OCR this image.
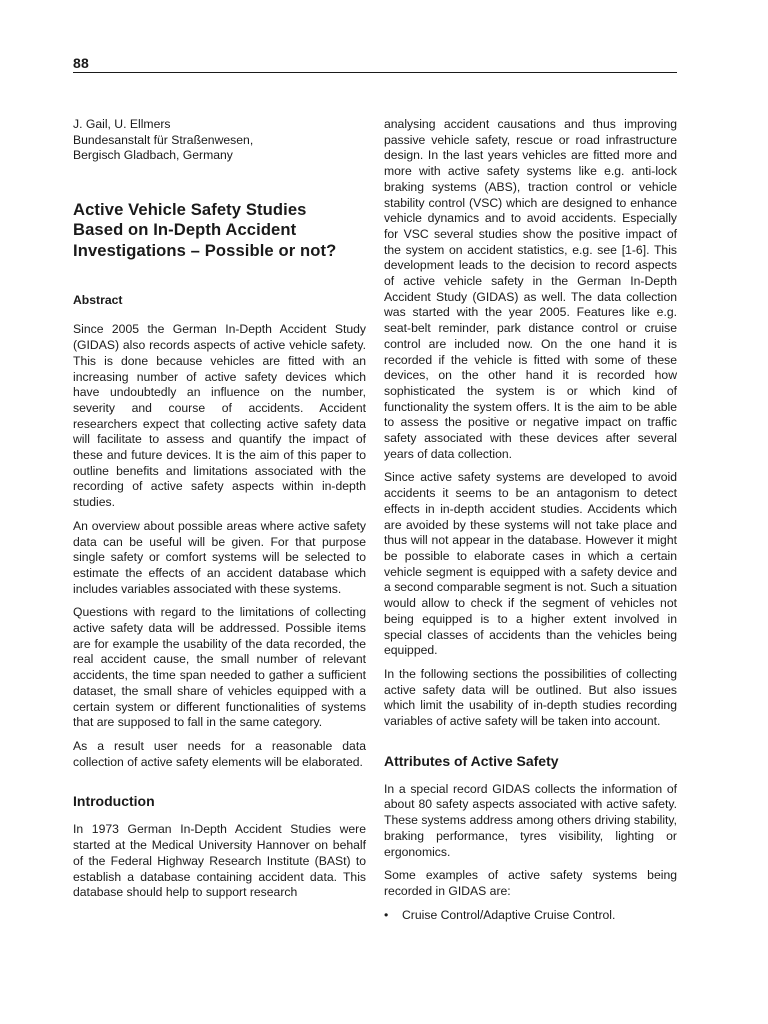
88
J. Gail, U. Ellmers
Bundesanstalt für Straßenwesen,
Bergisch Gladbach, Germany
Active Vehicle Safety Studies
Based on In-Depth Accident
Investigations – Possible or not?
Abstract

Since 2005 the German In-Depth Accident Study (GIDAS) also records aspects of active vehicle safety. This is done because vehicles are fitted with an increasing number of active safety devices which have undoubtedly an influence on the number, severity and course of accidents. Accident researchers expect that collecting active safety data will facilitate to assess and quantify the impact of these and future devices. It is the aim of this paper to outline benefits and limitations associated with the recording of active safety aspects within in-depth studies.

An overview about possible areas where active safety data can be useful will be given. For that purpose single safety or comfort systems will be selected to estimate the effects of an accident database which includes variables associated with these systems.

Questions with regard to the limitations of collecting active safety data will be addressed. Possible items are for example the usability of the data recorded, the real accident cause, the small number of relevant accidents, the time span needed to gather a sufficient dataset, the small share of vehicles equipped with a certain system or different functionalities of systems that are supposed to fall in the same category.

As a result user needs for a reasonable data collection of active safety elements will be elaborated.

Introduction

In 1973 German In-Depth Accident Studies were started at the Medical University Hannover on behalf of the Federal Highway Research Institute (BASt) to establish a database containing accident data. This database should help to support research

analysing accident causations and thus improving passive vehicle safety, rescue or road infrastructure design. In the last years vehicles are fitted more and more with active safety systems like e.g. anti-lock braking systems (ABS), traction control or vehicle stability control (VSC) which are designed to enhance vehicle dynamics and to avoid accidents. Especially for VSC several studies show the positive impact of the system on accident statistics, e.g. see [1-6]. This development leads to the decision to record aspects of active vehicle safety in the German In-Depth Accident Study (GIDAS) as well. The data collection was started with the year 2005. Features like e.g. seat-belt reminder, park distance control or cruise control are included now. On the one hand it is recorded if the vehicle is fitted with some of these devices, on the other hand it is recorded how sophisticated the system is or which kind of functionality the system offers. It is the aim to be able to assess the positive or negative impact on traffic safety associated with these devices after several years of data collection.

Since active safety systems are developed to avoid accidents it seems to be an antagonism to detect effects in in-depth accident studies. Accidents which are avoided by these systems will not take place and thus will not appear in the database. However it might be possible to elaborate cases in which a certain vehicle segment is equipped with a safety device and a second comparable segment is not. Such a situation would allow to check if the segment of vehicles not being equipped is to a higher extent involved in special classes of accidents than the vehicles being equipped.

In the following sections the possibilities of collecting active safety data will be outlined. But also issues which limit the usability of in-depth studies recording variables of active safety will be taken into account.

Attributes of Active Safety

In a special record GIDAS collects the information of about 80 safety aspects associated with active safety. These systems address among others driving stability, braking performance, tyres visibility, lighting or ergonomics.

Some examples of active safety systems being recorded in GIDAS are:

• Cruise Control/Adaptive Cruise Control.
